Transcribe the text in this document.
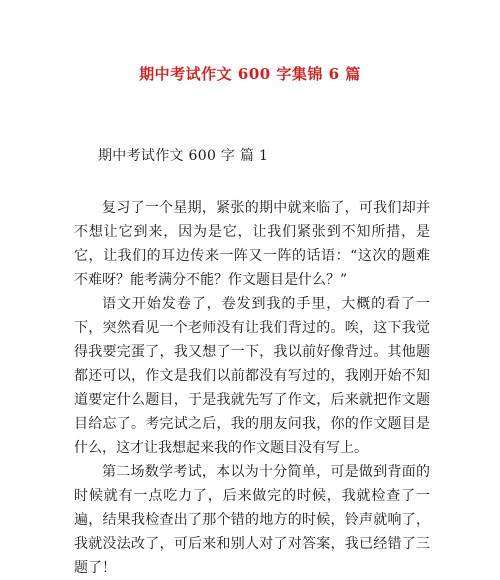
期中考试作文 600 字集锦 6 篇
期中考试作文 600 字 篇 1

复习了一个星期，紧张的期中就来临了，可我们却并不想让它到来，因为是它，让我们紧张到不知所措，是它，让我们的耳边传来一阵又一阵的话语：“这次的题难不难呀？能考满分不能？作文题目是什么？”

语文开始发卷了，卷发到我的手里，大概的看了一下，突然看见一个老师没有让我们背过的。唉，这下我觉得我要完蛋了，我又想了一下，我以前好像背过。其他题都还可以，作文是我们以前都没有写过的，我刚开始不知道要定什么题目，于是我就先写了作文，后来就把作文题目给忘了。考完试之后，我的朋友问我，你的作文题目是什么，这才让我想起来我的作文题目没有写上。

第二场数学考试，本以为十分简单，可是做到背面的时候就有一点吃力了，后来做完的时候，我就检查了一遍，结果我检查出了那个错的地方的时候，铃声就响了，我就没法改了，可后来和别人对了对答案，我已经错了三题了！
